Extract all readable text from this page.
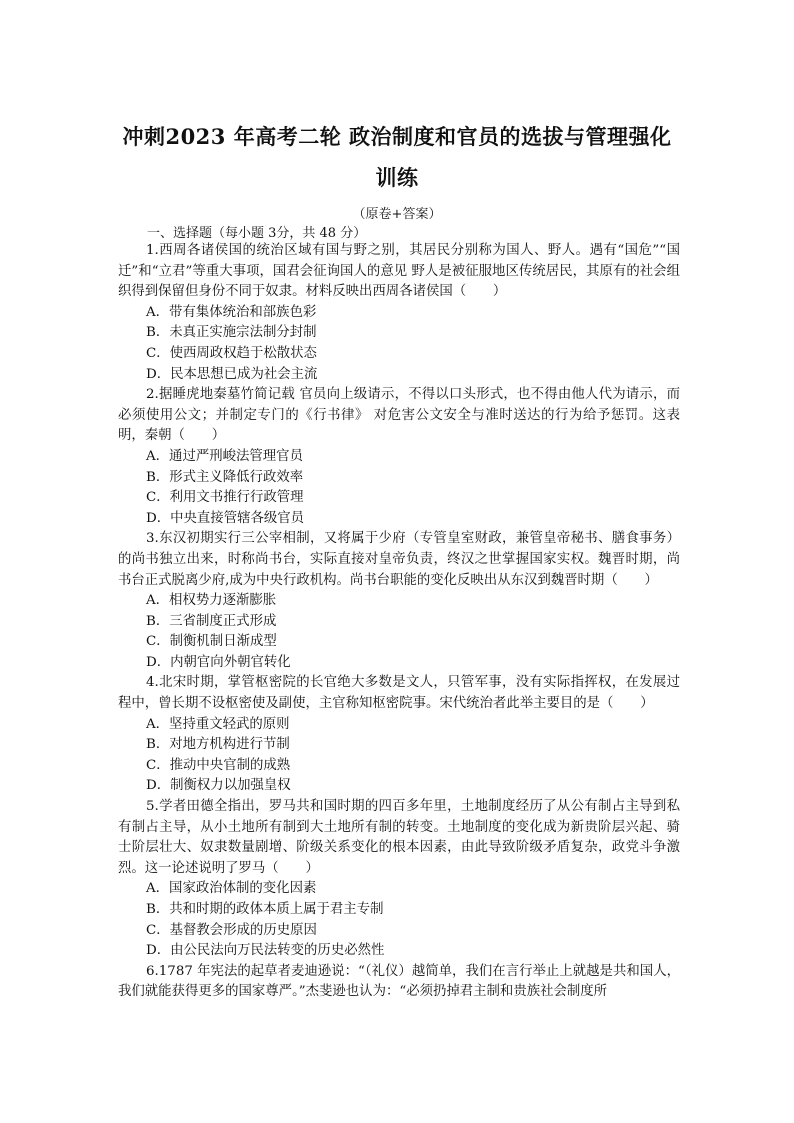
冲刺2023 年高考二轮 政治制度和官员的选拔与管理强化
训练
（原卷+答案）
一、选择题（每小题 3分，共 48 分）

1.西周各诸侯国的统治区域有国与野之别，其居民分别称为国人、野人。遇有“国危”“国迁”和“立君”等重大事项，国君会征询国人的意见 野人是被征服地区传统居民，其原有的社会组织得到保留但身份不同于奴隶。材料反映出西周各诸侯国（　　）

A．带有集体统治和部族色彩

B．未真正实施宗法制分封制

C．使西周政权趋于松散状态

D．民本思想已成为社会主流

2.据睡虎地秦墓竹简记载 官员向上级请示，不得以口头形式，也不得由他人代为请示，而必须使用公文；并制定专门的《行书律》 对危害公文安全与准时送达的行为给予惩罚。这表明，秦朝（　　）

A．通过严刑峻法管理官员

B．形式主义降低行政效率

C．利用文书推行行政管理

D．中央直接管辖各级官员

3.东汉初期实行三公宰相制，又将属于少府（专管皇室财政，兼管皇帝秘书、膳食事务）的尚书独立出来，时称尚书台，实际直接对皇帝负责，终汉之世掌握国家实权。魏晋时期，尚书台正式脱离少府,成为中央行政机构。尚书台职能的变化反映出从东汉到魏晋时期（　　）

A．相权势力逐渐膨胀

B．三省制度正式形成

C．制衡机制日渐成型

D．内朝官向外朝官转化

4.北宋时期，掌管枢密院的长官绝大多数是文人，只管军事，没有实际指挥权，在发展过程中，曾长期不设枢密使及副使，主官称知枢密院事。宋代统治者此举主要目的是（　　）

A．坚持重文轻武的原则

B．对地方机构进行节制

C．推动中央官制的成熟

D．制衡权力以加强皇权

5.学者田德全指出，罗马共和国时期的四百多年里，土地制度经历了从公有制占主导到私有制占主导，从小土地所有制到大土地所有制的转变。土地制度的变化成为新贵阶层兴起、骑士阶层壮大、奴隶数量剧增、阶级关系变化的根本因素，由此导致阶级矛盾复杂，政党斗争激烈。这一论述说明了罗马（　　）

A．国家政治体制的变化因素

B．共和时期的政体本质上属于君主专制

C．基督教会形成的历史原因

D．由公民法向万民法转变的历史必然性

6.1787 年宪法的起草者麦迪逊说：“（礼仪）越简单，我们在言行举止上就越是共和国人，我们就能获得更多的国家尊严。”杰斐逊也认为：“必须扔掉君主制和贵族社会制度所
